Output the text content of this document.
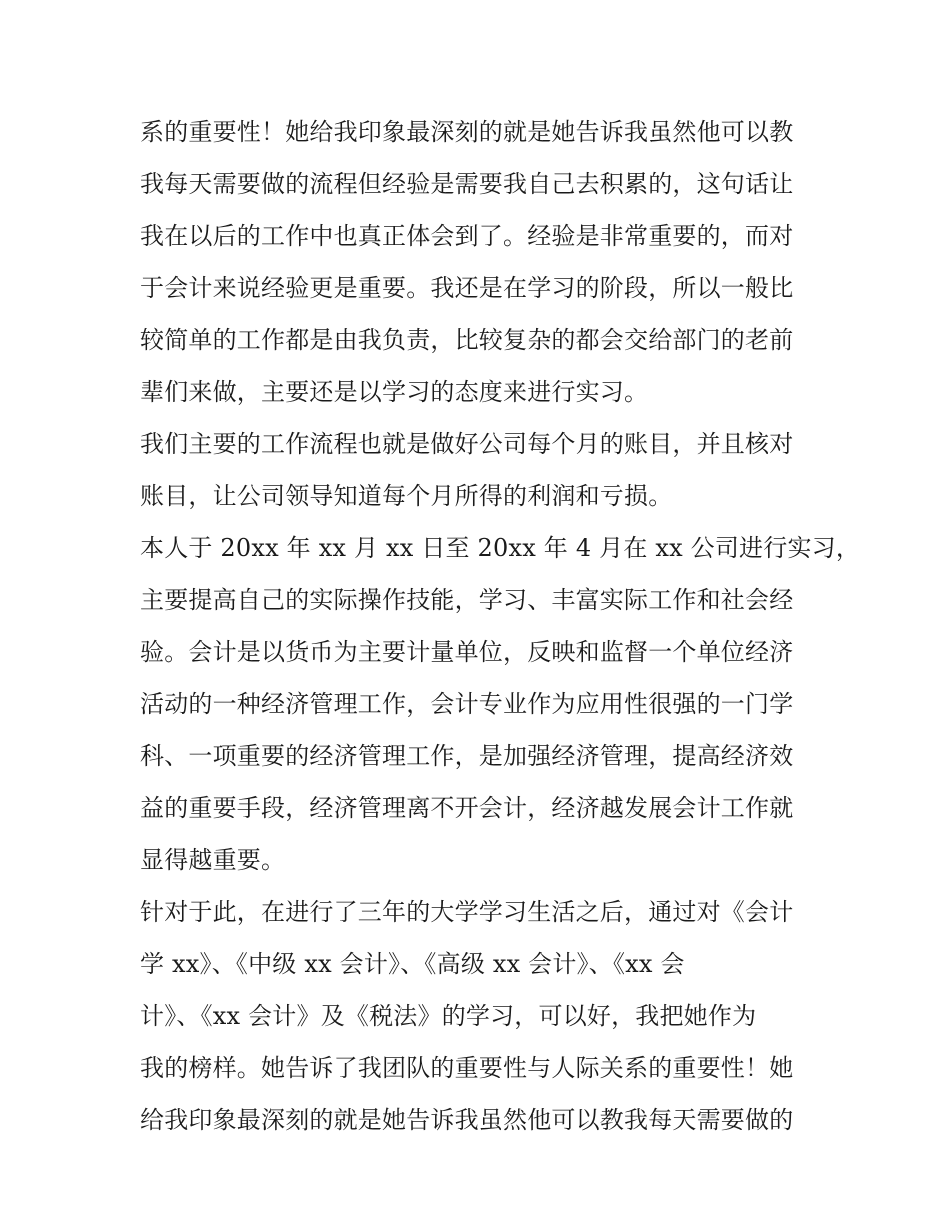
系的重要性！她给我印象最深刻的就是她告诉我虽然他可以教
我每天需要做的流程但经验是需要我自己去积累的，这句话让
我在以后的工作中也真正体会到了。经验是非常重要的，而对
于会计来说经验更是重要。我还是在学习的阶段，所以一般比
较简单的工作都是由我负责，比较复杂的都会交给部门的老前
辈们来做，主要还是以学习的态度来进行实习。
我们主要的工作流程也就是做好公司每个月的账目，并且核对
账目，让公司领导知道每个月所得的利润和亏损。
本人于 20xx 年 xx 月 xx 日至 20xx 年 4 月在 xx 公司进行实习，
主要提高自己的实际操作技能，学习、丰富实际工作和社会经
验。会计是以货币为主要计量单位，反映和监督一个单位经济
活动的一种经济管理工作，会计专业作为应用性很强的一门学
科、一项重要的经济管理工作，是加强经济管理，提高经济效
益的重要手段，经济管理离不开会计，经济越发展会计工作就
显得越重要。
针对于此，在进行了三年的大学学习生活之后，通过对《会计
学 xx》、《中级 xx 会计》、《高级 xx 会计》、《xx 会
计》、《xx 会计》及《税法》的学习，可以好，我把她作为
我的榜样。她告诉了我团队的重要性与人际关系的重要性！她
给我印象最深刻的就是她告诉我虽然他可以教我每天需要做的
